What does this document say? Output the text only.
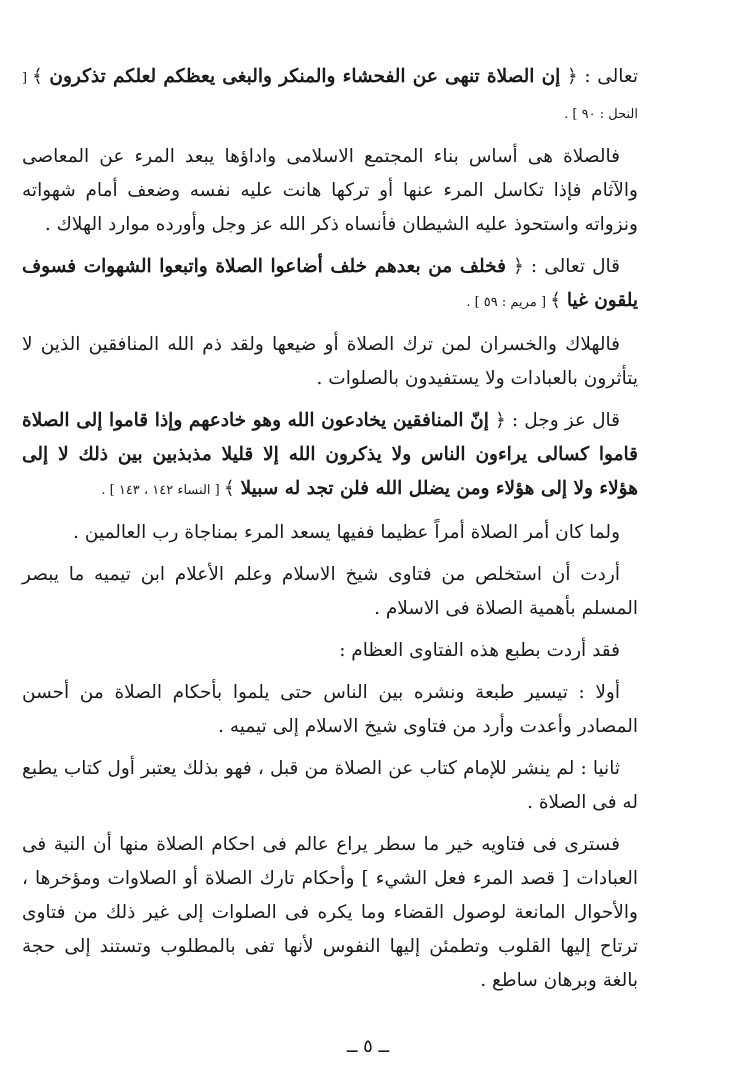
تعالى : ﴿ إن الصلاة تنهى عن الفحشاء والمنكر والبغى يعظكم لعلكم تذكرون ﴾ [ النحل : ٩٠ ] .

فالصلاة هى أساس بناء المجتمع الاسلامى واداؤها يبعد المرء عن المعاصى والآثام فإذا تكاسل المرء عنها أو تركها هانت عليه نفسه وضعف أمام شهواته ونزواته واستحوذ عليه الشيطان فأنساه ذكر الله عز وجل وأورده موارد الهلاك .

قال تعالى : ﴿ فخلف من بعدهم خلف أضاعوا الصلاة واتبعوا الشهوات فسوف يلقون غيا ﴾ [ مريم : ٥٩ ] .

فالهلاك والخسران لمن ترك الصلاة أو ضيعها ولقد ذم الله المنافقين الذين لا يتأثرون بالعبادات ولا يستفيدون بالصلوات .

قال عز وجل : ﴿ إنّ المنافقين يخادعون الله وهو خادعهم وإذا قاموا إلى الصلاة قاموا كسالى يراءون الناس ولا يذكرون الله إلا قليلا مذبذبين بين ذلك لا إلى هؤلاء ولا إلى هؤلاء ومن يضلل الله فلن تجد له سبيلا ﴾ [ النساء ١٤٢ ، ١٤٣ ] .

ولما كان أمر الصلاة أمراً عظيما ففيها يسعد المرء بمناجاة رب العالمين .

أردت أن استخلص من فتاوى شيخ الاسلام وعلم الأعلام ابن تيميه ما يبصر المسلم بأهمية الصلاة فى الاسلام .

فقد أردت بطبع هذه الفتاوى العظام :

أولا : تيسير طبعة ونشره بين الناس حتى يلموا بأحكام الصلاة من أحسن المصادر وأعدت وأرد من فتاوى شيخ الاسلام إلى تيميه .

ثانيا : لم ينشر للإمام كتاب عن الصلاة من قبل ، فهو بذلك يعتبر أول كتاب يطبع له فى الصلاة .

فسترى فى فتاويه خير ما سطر يراع عالم فى احكام الصلاة منها أن النية فى العبادات [ قصد المرء فعل الشيء ] وأحكام تارك الصلاة أو الصلاوات ومؤخرها ، والأحوال المانعة لوصول القضاء وما يكره فى الصلوات إلى غير ذلك من فتاوى ترتاح إليها القلوب وتطمئن إليها النفوس لأنها تفى بالمطلوب وتستند إلى حجة بالغة وبرهان ساطع .

ــ ٥ ــ
